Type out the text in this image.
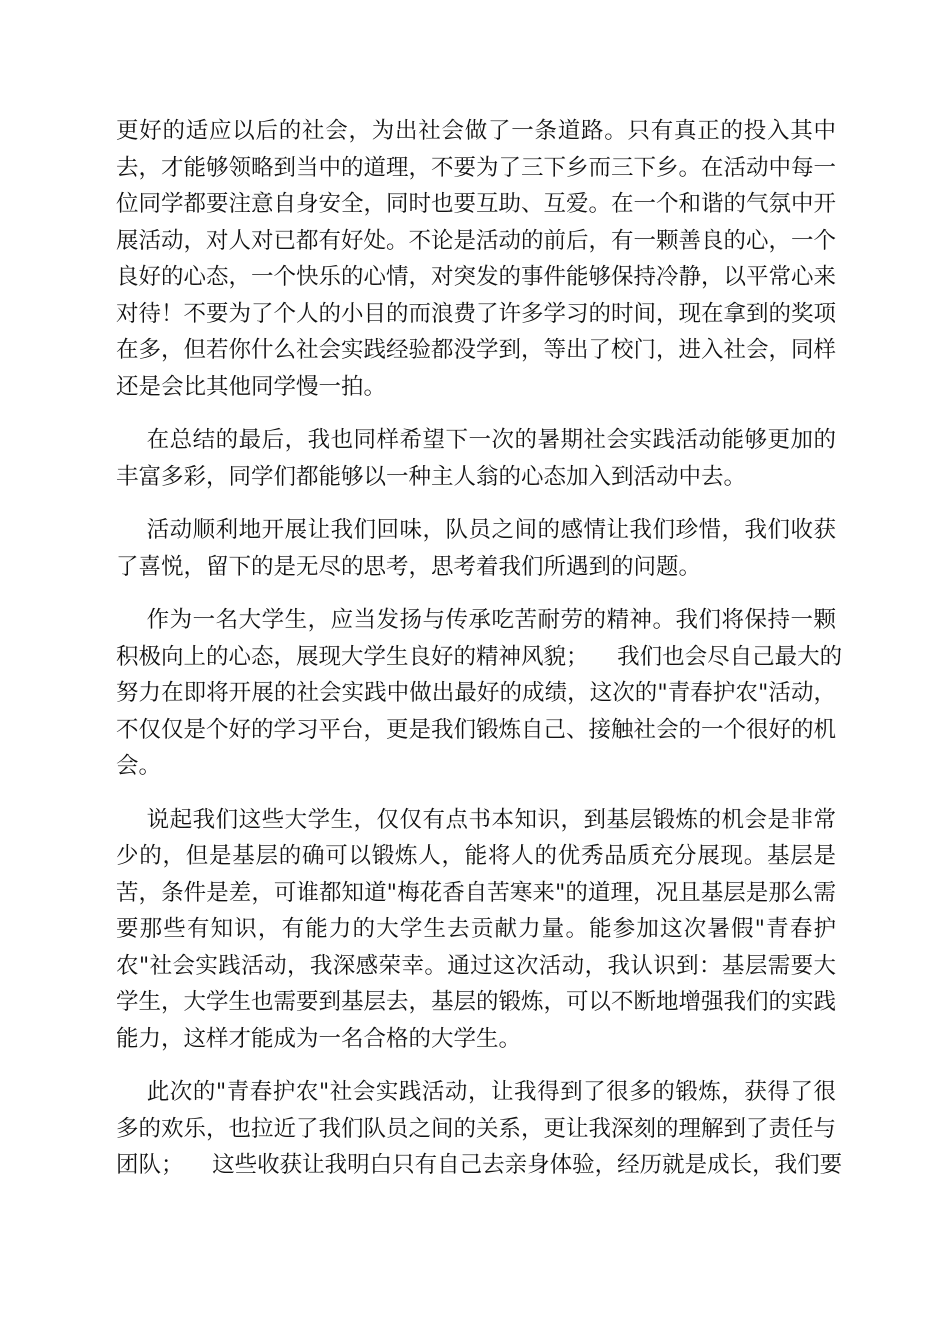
更好的适应以后的社会，为出社会做了一条道路。只有真正的投入其中
去，才能够领略到当中的道理，不要为了三下乡而三下乡。在活动中每一
位同学都要注意自身安全，同时也要互助、互爱。在一个和谐的气氛中开
展活动，对人对已都有好处。不论是活动的前后，有一颗善良的心，一个
良好的心态，一个快乐的心情，对突发的事件能够保持冷静，以平常心来
对待！不要为了个人的小目的而浪费了许多学习的时间，现在拿到的奖项
在多，但若你什么社会实践经验都没学到，等出了校门，进入社会，同样
还是会比其他同学慢一拍。
在总结的最后，我也同样希望下一次的暑期社会实践活动能够更加的
丰富多彩，同学们都能够以一种主人翁的心态加入到活动中去。
活动顺利地开展让我们回味，队员之间的感情让我们珍惜，我们收获
了喜悦，留下的是无尽的思考，思考着我们所遇到的问题。
作为一名大学生，应当发扬与传承吃苦耐劳的精神。我们将保持一颗
积极向上的心态，展现大学生良好的精神风貌；    我们也会尽自己最大的
努力在即将开展的社会实践中做出最好的成绩，这次的"青春护农"活动，
不仅仅是个好的学习平台，更是我们锻炼自己、接触社会的一个很好的机
会。
说起我们这些大学生，仅仅有点书本知识，到基层锻炼的机会是非常
少的，但是基层的确可以锻炼人，能将人的优秀品质充分展现。基层是
苦，条件是差，可谁都知道"梅花香自苦寒来"的道理，况且基层是那么需
要那些有知识，有能力的大学生去贡献力量。能参加这次暑假"青春护
农"社会实践活动，我深感荣幸。通过这次活动，我认识到：基层需要大
学生，大学生也需要到基层去，基层的锻炼，可以不断地增强我们的实践
能力，这样才能成为一名合格的大学生。
此次的"青春护农"社会实践活动，让我得到了很多的锻炼，获得了很
多的欢乐，也拉近了我们队员之间的关系，更让我深刻的理解到了责任与
团队；    这些收获让我明白只有自己去亲身体验，经历就是成长，我们要
